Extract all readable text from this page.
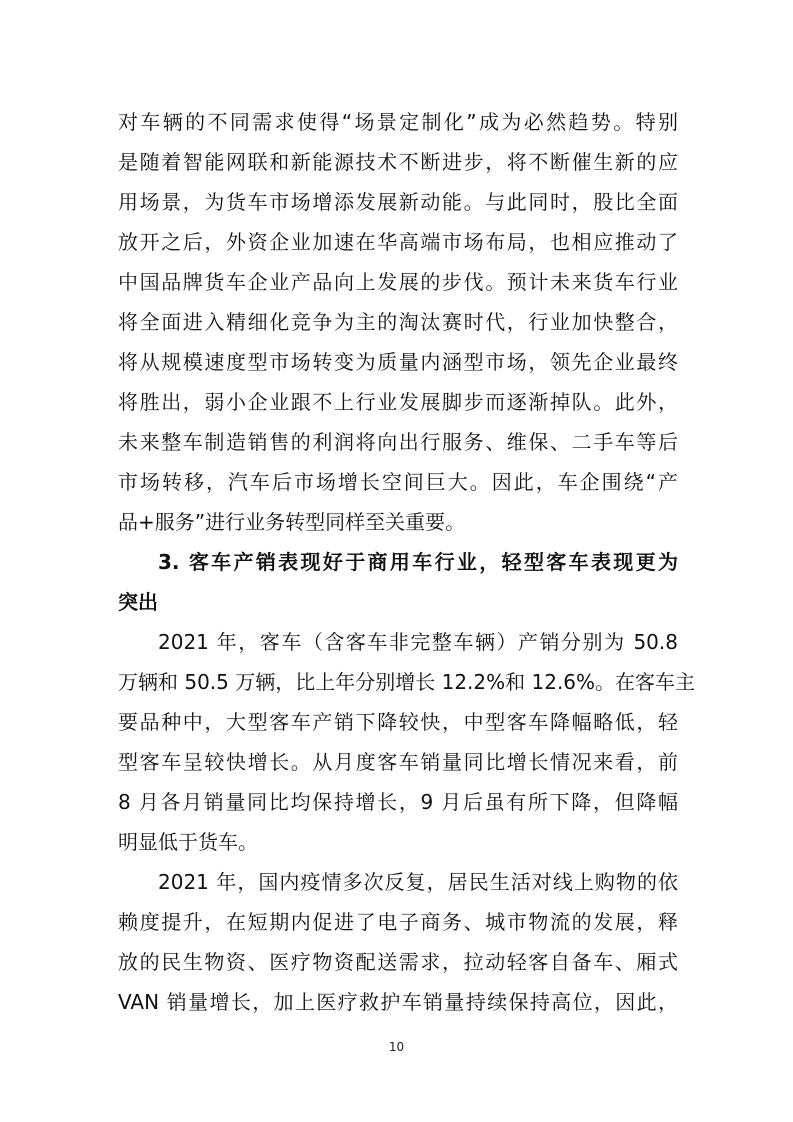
对车辆的不同需求使得“场景定制化”成为必然趋势。特别
是随着智能网联和新能源技术不断进步，将不断催生新的应
用场景，为货车市场增添发展新动能。与此同时，股比全面
放开之后，外资企业加速在华高端市场布局，也相应推动了
中国品牌货车企业产品向上发展的步伐。预计未来货车行业
将全面进入精细化竞争为主的淘汰赛时代，行业加快整合，
将从规模速度型市场转变为质量内涵型市场，领先企业最终
将胜出，弱小企业跟不上行业发展脚步而逐渐掉队。此外，
未来整车制造销售的利润将向出行服务、维保、二手车等后
市场转移，汽车后市场增长空间巨大。因此，车企围绕“产
品+服务”进行业务转型同样至关重要。
3. 客车产销表现好于商用车行业，轻型客车表现更为
突出
2021 年，客车（含客车非完整车辆）产销分别为 50.8
万辆和 50.5 万辆，比上年分别增长 12.2%和 12.6%。在客车主
要品种中，大型客车产销下降较快，中型客车降幅略低，轻
型客车呈较快增长。从月度客车销量同比增长情况来看，前
8 月各月销量同比均保持增长，9 月后虽有所下降，但降幅
明显低于货车。
2021 年，国内疫情多次反复，居民生活对线上购物的依
赖度提升，在短期内促进了电子商务、城市物流的发展，释
放的民生物资、医疗物资配送需求，拉动轻客自备车、厢式
VAN 销量增长，加上医疗救护车销量持续保持高位，因此，
10
